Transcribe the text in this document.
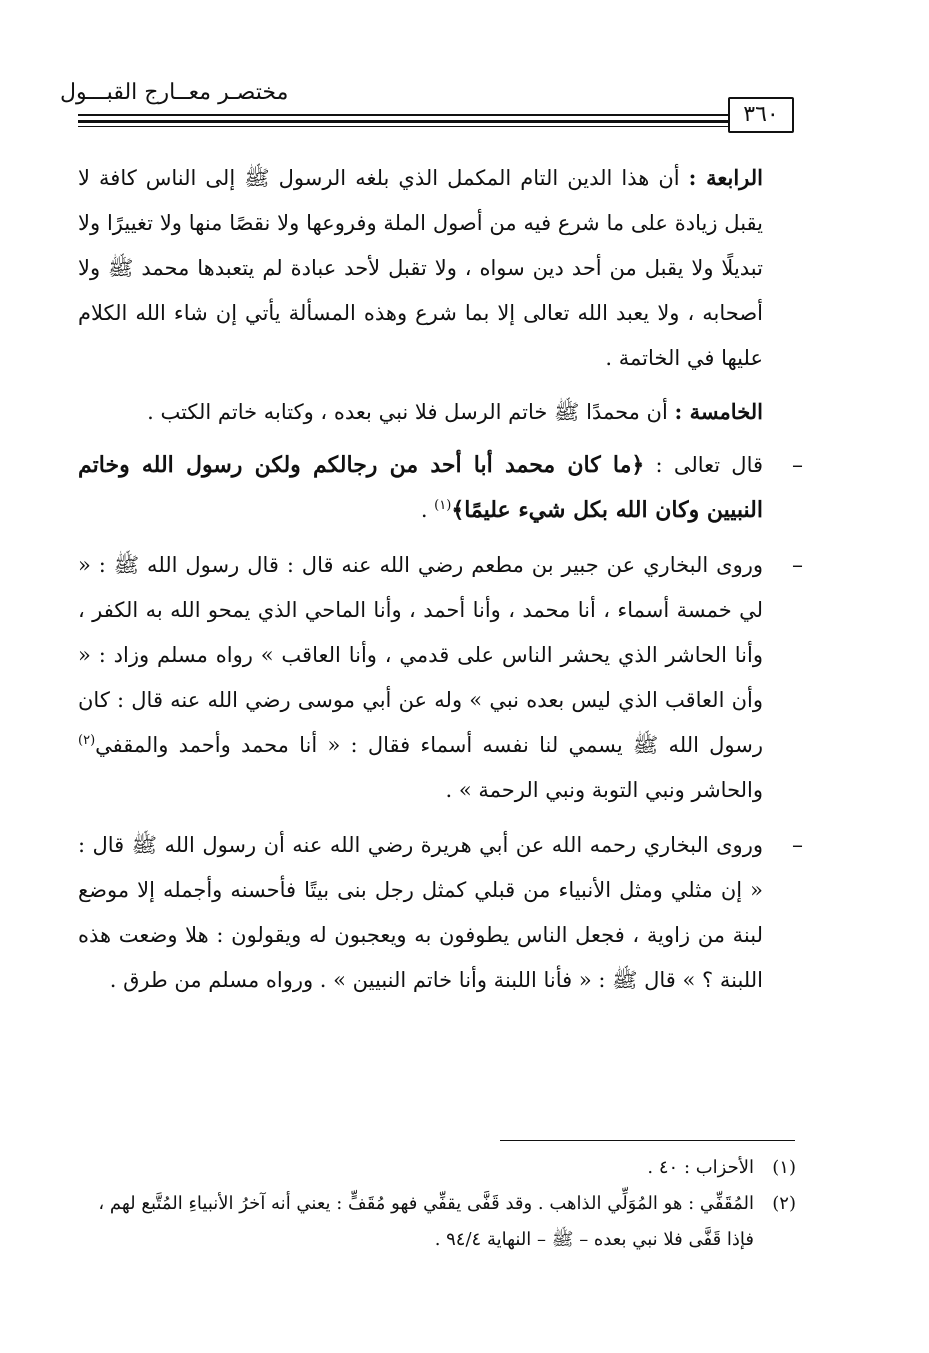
مختصـر معــارج القبـــول
٣٦٠

الرابعة : أن هذا الدين التام المكمل الذي بلغه الرسول ﷺ إلى الناس كافة لا يقبل زيادة على ما شرع فيه من أصول الملة وفروعها ولا نقصًا منها ولا تغييرًا ولا تبديلًا ولا يقبل من أحد دين سواه ، ولا تقبل لأحد عبادة لم يتعبدها محمد ﷺ ولا أصحابه ، ولا يعبد الله تعالى إلا بما شرع وهذه المسألة يأتي إن شاء الله الكلام عليها في الخاتمة .

الخامسة : أن محمدًا ﷺ خاتم الرسل فلا نبي بعده ، وكتابه خاتم الكتب .

–
قال تعالى : ﴿ما كان محمد أبا أحد من رجالكم ولكن رسول الله وخاتم النبيين وكان الله بكل شيء عليمًا﴾$^{(١)}$ .

–
وروى البخاري عن جبير بن مطعم رضي الله عنه قال : قال رسول الله ﷺ : « لي خمسة أسماء ، أنا محمد ، وأنا أحمد ، وأنا الماحي الذي يمحو الله به الكفر ، وأنا الحاشر الذي يحشر الناس على قدمي ، وأنا العاقب » رواه مسلم وزاد : « وأن العاقب الذي ليس بعده نبي » وله عن أبي موسى رضي الله عنه قال : كان رسول الله ﷺ يسمي لنا نفسه أسماء فقال : « أنا محمد وأحمد والمقفي$^{(٢)}$ والحاشر ونبي التوبة ونبي الرحمة » .

–
وروى البخاري رحمه الله عن أبي هريرة رضي الله عنه أن رسول الله ﷺ قال : « إن مثلي ومثل الأنبياء من قبلي كمثل رجل بنى بيتًا فأحسنه وأجمله إلا موضع لبنة من زاوية ، فجعل الناس يطوفون به ويعجبون له ويقولون : هلا وضعت هذه اللبنة ؟ » قال ﷺ : « فأنا اللبنة وأنا خاتم النبيين » . ورواه مسلم من طرق .

(١)
الأحزاب : ٤٠ .
(٢)
المُقَفِّي : هو المُوَلِّي الذاهب . وقد قَفَّى يقفِّي فهو مُقَفٍّ : يعني أنه آخرُ الأنبياءِ المُتَّبع لهم ، فإذا قَفَّى فلا نبي بعده – ﷺ – النهاية ٩٤/٤ .
